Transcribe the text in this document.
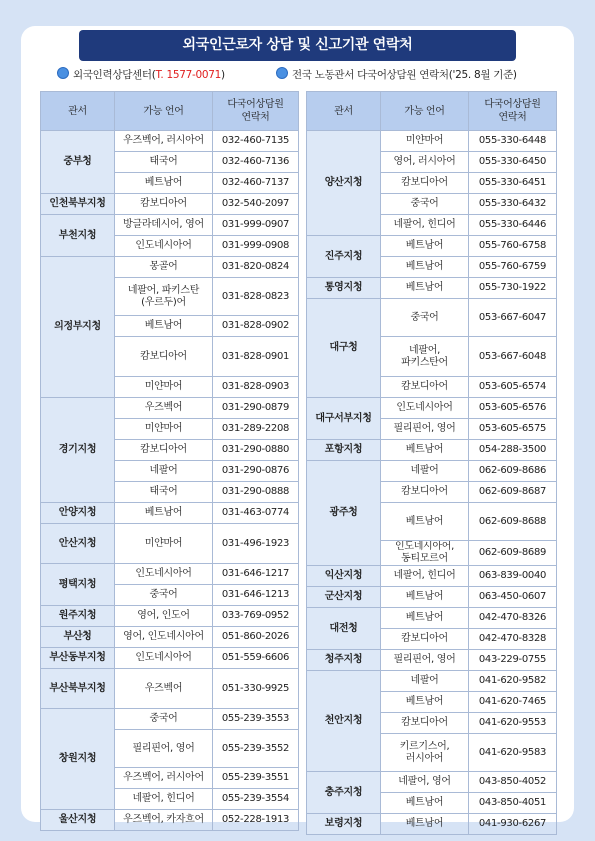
외국인근로자 상담 및 신고기관 연락처
외국인력상담센터(T. 1577-0071)	전국 노동관서 다국어상담원 연락처('25. 8월 기준)
관서	가능 언어	다국어상담원
연락처
중부청	우즈벡어, 러시아어	032-460-7135
	태국어	032-460-7136
	베트남어	032-460-7137
인천북부지청	캄보디아어	032-540-2097
부천지청	방글라데시어, 영어	031-999-0907
	인도네시아어	031-999-0908
의정부지청	몽골어	031-820-0824
	네팔어, 파키스탄
(우르두)어	031-828-0823
	베트남어	031-828-0902
	캄보디아어	031-828-0901
	미얀마어	031-828-0903
경기지청	우즈벡어	031-290-0879
	미얀마어	031-289-2208
	캄보디아어	031-290-0880
	네팔어	031-290-0876
	태국어	031-290-0888
안양지청	베트남어	031-463-0774
안산지청	미얀마어	031-496-1923
평택지청	인도네시아어	031-646-1217
	중국어	031-646-1213
원주지청	영어, 인도어	033-769-0952
부산청	영어, 인도네시아어	051-860-2026
부산동부지청	인도네시아어	051-559-6606
부산북부지청	우즈벡어	051-330-9925
창원지청	중국어	055-239-3553
	필리핀어, 영어	055-239-3552
	우즈벡어, 러시아어	055-239-3551
	네팔어, 힌디어	055-239-3554
울산지청	우즈벡어, 카자흐어	052-228-1913
관서	가능 언어	다국어상담원
연락처
양산지청	미얀마어	055-330-6448
	영어, 러시아어	055-330-6450
	캄보디아어	055-330-6451
	중국어	055-330-6432
	네팔어, 힌디어	055-330-6446
진주지청	베트남어	055-760-6758
	베트남어	055-760-6759
통영지청	베트남어	055-730-1922
대구청	중국어	053-667-6047
	네팔어,
파키스탄어	053-667-6048
	캄보디아어	053-605-6574
대구서부지청	인도네시아어	053-605-6576
	필리핀어, 영어	053-605-6575
포항지청	베트남어	054-288-3500
광주청	네팔어	062-609-8686
	캄보디아어	062-609-8687
	베트남어	062-609-8688
	인도네시아어,
동티모르어	062-609-8689
익산지청	네팔어, 힌디어	063-839-0040
군산지청	베트남어	063-450-0607
대전청	베트남어	042-470-8326
	캄보디아어	042-470-8328
청주지청	필리핀어, 영어	043-229-0755
천안지청	네팔어	041-620-9582
	베트남어	041-620-7465
	캄보디아어	041-620-9553
	키르기스어,
러시아어	041-620-9583
충주지청	네팔어, 영어	043-850-4052
	베트남어	043-850-4051
보령지청	베트남어	041-930-6267
